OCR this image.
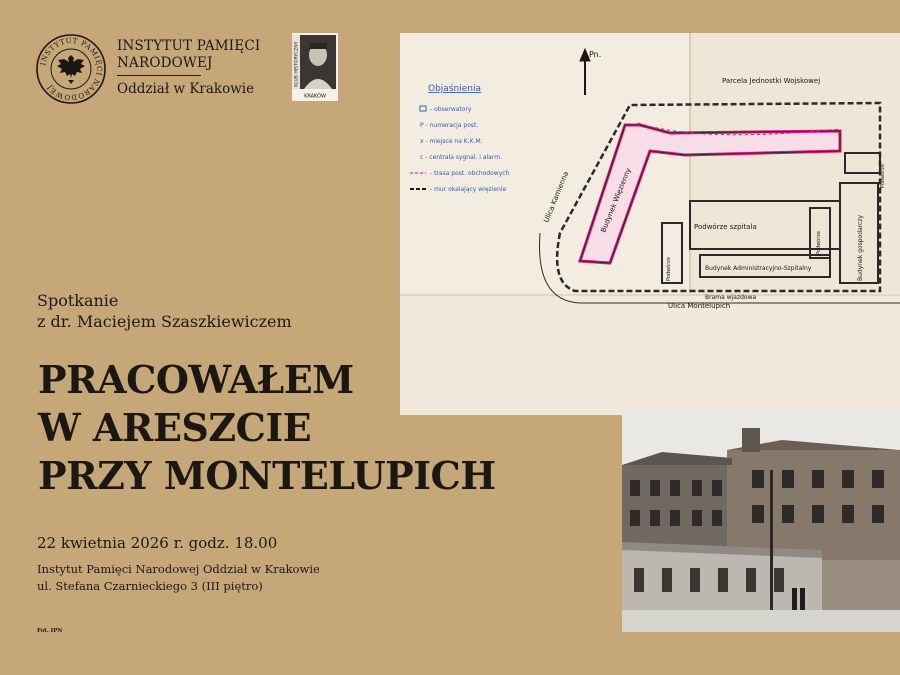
INSTYTUT PAMIĘCI NARODOWEJ
INSTYTUT PAMIĘCI
NARODOWEJ
Oddział w Krakowie
KLUB HISTORYCZNY
KRAKÓW
Spotkanie
z dr. Maciejem Szaszkiewiczem
PRACOWAŁEM
W ARESZCIE
PRZY MONTELUPICH
22 kwietnia 2026 r. godz. 18.00
Instytut Pamięci Narodowej Oddział w Krakowie
ul. Stefana Czarnieckiego 3 (III piętro)
Fot. IPN
Pn.
Objaśnienia
- obserwatory
P - numeracja post.
x - miejsce na K.K.M.
c - centrala sygnal. i alarm.
- trasa post. obchodowych
- mur okalający więzienie
Parcela Jednostki Wojskowej
Ulica Kamienna
Ulica Montelupich
Budynek Więzienny	Podwórze szpitala
Budynek Administracyjno-Szpitalny
Podwórze	Budynek gospodarczy
Podwórze
Podwórze
Brama wjazdowa
